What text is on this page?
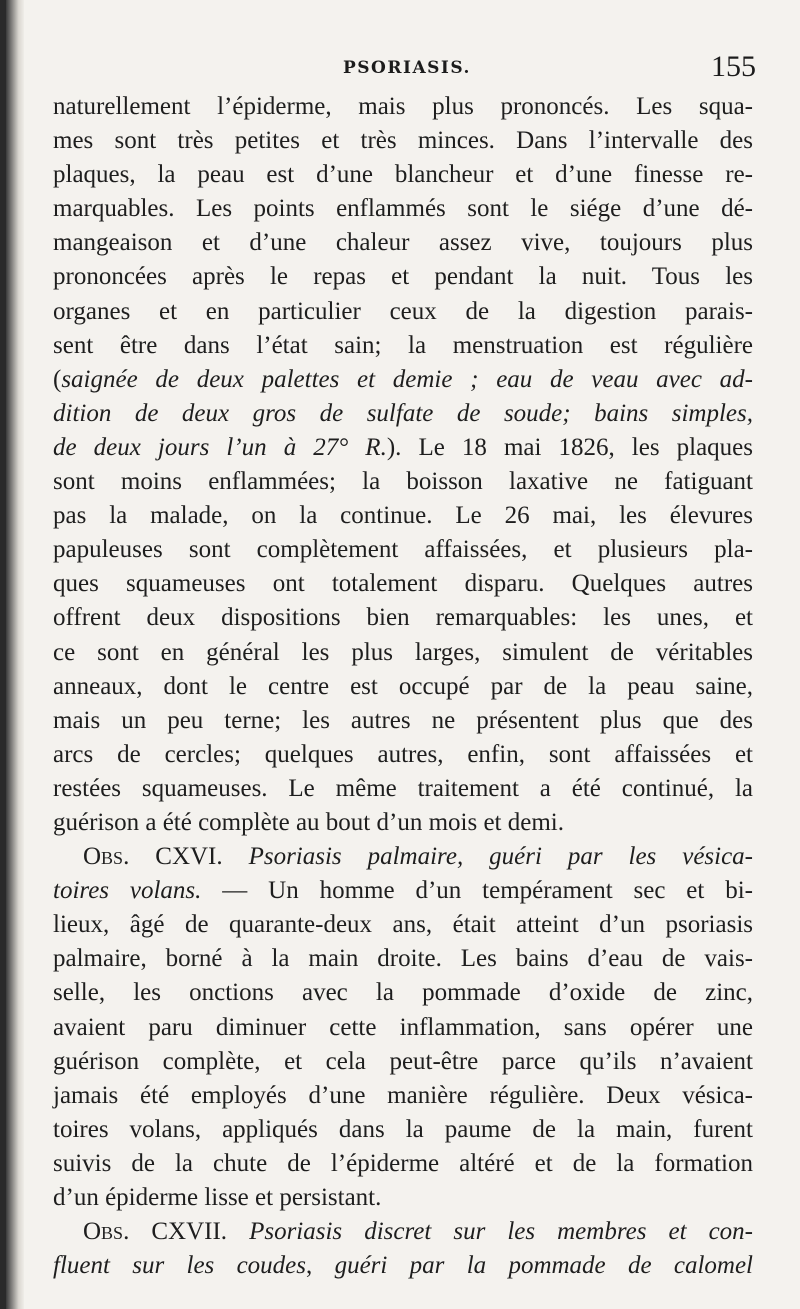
PSORIASIS.	155
naturellement l’épiderme, mais plus prononcés. Les squa-
mes sont très petites et très minces. Dans l’intervalle des
plaques, la peau est d’une blancheur et d’une finesse re-
marquables. Les points enflammés sont le siége d’une dé-
mangeaison et d’une chaleur assez vive, toujours plus
prononcées après le repas et pendant la nuit. Tous les
organes et en particulier ceux de la digestion parais-
sent être dans l’état sain; la menstruation est régulière
(saignée de deux palettes et demie ; eau de veau avec ad-
dition de deux gros de sulfate de soude; bains simples,
de deux jours l’un à 27° R.). Le 18 mai 1826, les plaques
sont moins enflammées; la boisson laxative ne fatiguant
pas la malade, on la continue. Le 26 mai, les élevures
papuleuses sont complètement affaissées, et plusieurs pla-
ques squameuses ont totalement disparu. Quelques autres
offrent deux dispositions bien remarquables: les unes, et
ce sont en général les plus larges, simulent de véritables
anneaux, dont le centre est occupé par de la peau saine,
mais un peu terne; les autres ne présentent plus que des
arcs de cercles; quelques autres, enfin, sont affaissées et
restées squameuses. Le même traitement a été continué, la
guérison a été complète au bout d’un mois et demi.
Obs. CXVI. Psoriasis palmaire, guéri par les vésica-
toires volans. — Un homme d’un tempérament sec et bi-
lieux, âgé de quarante-deux ans, était atteint d’un psoriasis
palmaire, borné à la main droite. Les bains d’eau de vais-
selle, les onctions avec la pommade d’oxide de zinc,
avaient paru diminuer cette inflammation, sans opérer une
guérison complète, et cela peut-être parce qu’ils n’avaient
jamais été employés d’une manière régulière. Deux vésica-
toires volans, appliqués dans la paume de la main, furent
suivis de la chute de l’épiderme altéré et de la formation
d’un épiderme lisse et persistant.
Obs. CXVII. Psoriasis discret sur les membres et con-
fluent sur les coudes, guéri par la pommade de calomel
